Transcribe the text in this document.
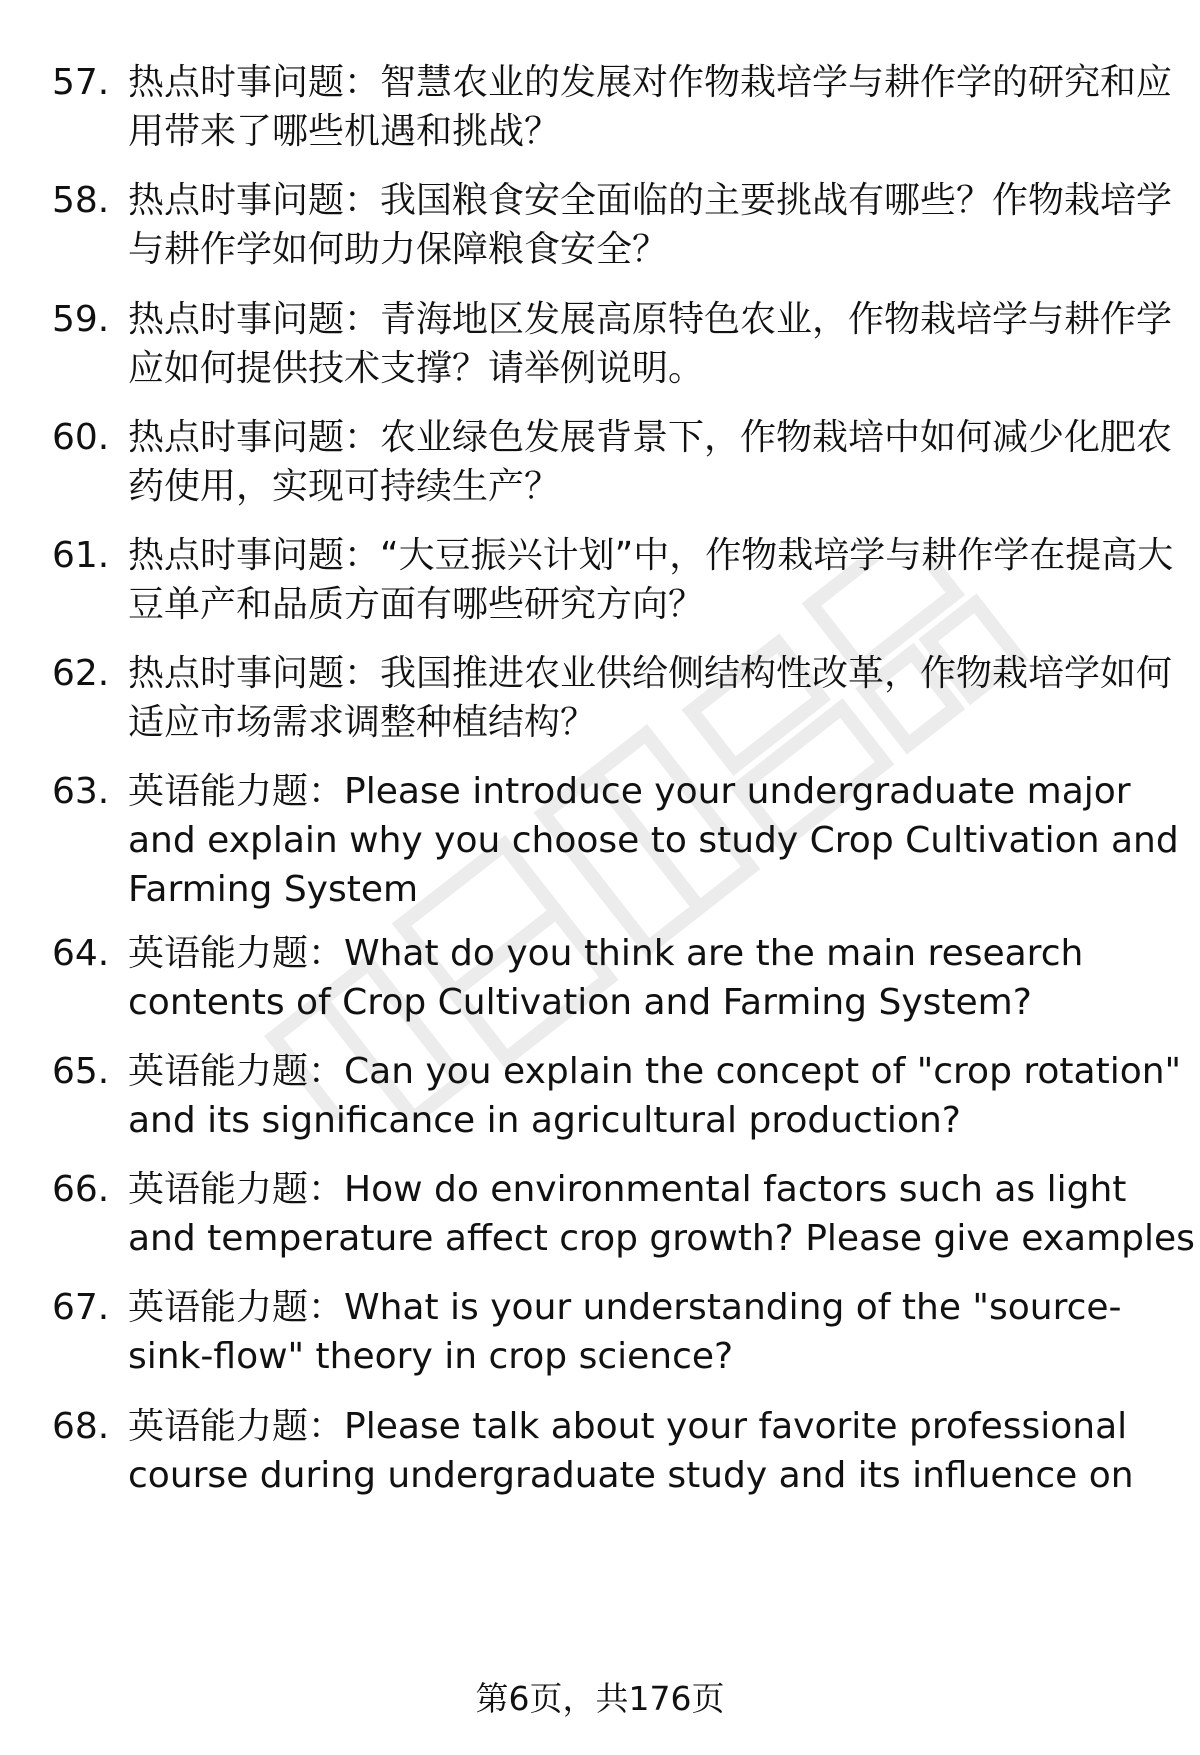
57. 热点时事问题：智慧农业的发展对作物栽培学与耕作学的研究和应用带来了哪些机遇和挑战？
58. 热点时事问题：我国粮食安全面临的主要挑战有哪些？作物栽培学与耕作学如何助力保障粮食安全？
59. 热点时事问题：青海地区发展高原特色农业，作物栽培学与耕作学应如何提供技术支撑？请举例说明。
60. 热点时事问题：农业绿色发展背景下，作物栽培中如何减少化肥农药使用，实现可持续生产？
61. 热点时事问题：“大豆振兴计划”中，作物栽培学与耕作学在提高大豆单产和品质方面有哪些研究方向？
62. 热点时事问题：我国推进农业供给侧结构性改革，作物栽培学如何适应市场需求调整种植结构？
63. 英语能力题：Please introduce your undergraduate major and explain why you choose to study Crop Cultivation and Farming System
64. 英语能力题：What do you think are the main research contents of Crop Cultivation and Farming System?
65. 英语能力题：Can you explain the concept of "crop rotation" and its significance in agricultural production?
66. 英语能力题：How do environmental factors such as light and temperature affect crop growth? Please give examples
67. 英语能力题：What is your understanding of the "source-sink-flow" theory in crop science?
68. 英语能力题：Please talk about your favorite professional course during undergraduate study and its influence on
第6页，共176页
